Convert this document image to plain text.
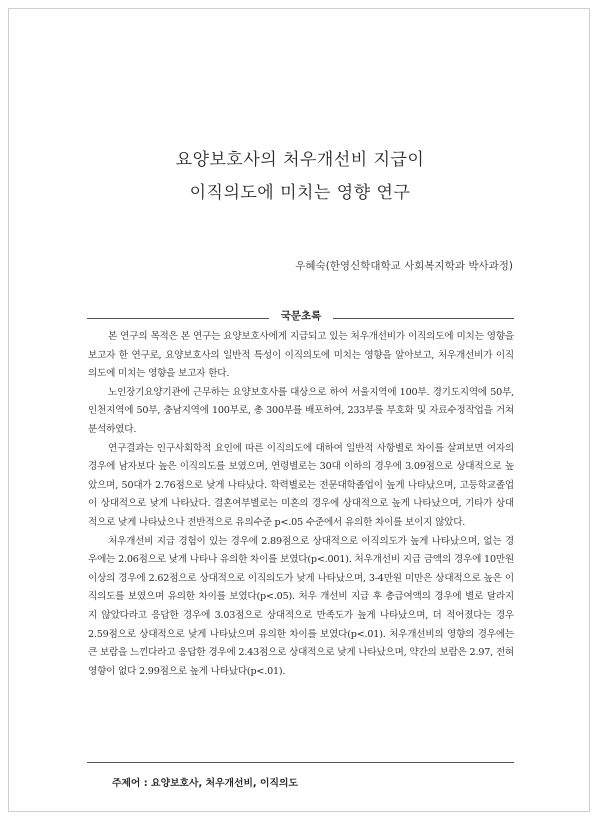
요양보호사의 처우개선비 지급이
이직의도에 미치는 영향 연구
우혜숙(한영신학대학교 사회복지학과 박사과정)
국문초록

본 연구의 목적은 본 연구는 요양보호사에게 지급되고 있는 처우개선비가 이직의도에 미치는 영향을 보고자 한 연구로, 요양보호사의 일반적 특성이 이직의도에 미치는 영향을 알아보고, 처우개선비가 이직의도에 미치는 영향을 보고자 한다.

노인장기요양기관에 근무하는 요양보호사를 대상으로 하여 서울지역에 100부. 경기도지역에 50부, 인천지역에 50부, 충남지역에 100부로, 총 300부를 배포하여, 233부를 부호화 및 자료수정작업을 거쳐 분석하였다.

연구결과는 인구사회학적 요인에 따른 이직의도에 대하여 일반적 사항별로 차이를 살펴보면 여자의 경우에 남자보다 높은 이직의도를 보였으며, 연령별로는 30대 이하의 경우에 3.09점으로 상대적으로 높았으며, 50대가 2.76점으로 낮게 나타났다. 학력별로는 전문대학졸업이 높게 나타났으며, 고등학교졸업이 상대적으로 낮게 나타났다. 결혼여부별로는 미혼의 경우에 상대적으로 높게 나타났으며, 기타가 상대적으로 낮게 나타났으나 전반적으로 유의수준 p<.05 수준에서 유의한 차이를 보이지 않았다.

처우개선비 지급 경험이 있는 경우에 2.89점으로 상대적으로 이직의도가 높게 나타났으며, 없는 경우에는 2.06점으로 낮게 나타나 유의한 차이를 보였다(p<.001). 처우개선비 지급 금액의 경우에 10만원 이상의 경우에 2.62점으로 상대적으로 이직의도가 낮게 나타났으며, 3-4만원 미만은 상대적으로 높은 이직의도를 보였으며 유의한 차이를 보였다(p<.05). 처우 개선비 지급 후 총급여액의 경우에 별로 달라지지 않았다라고 응답한 경우에 3.03점으로 상대적으로 만족도가 높게 나타났으며, 더 적어졌다는 경우 2.59점으로 상대적으로 낮게 나타났으며 유의한 차이를 보였다(p<.01). 처우개선비의 영향의 경우에는 큰 보람을 느낀다라고 응답한 경우에 2.43점으로 상대적으로 낮게 나타났으며, 약간의 보람은 2.97, 전혀 영향이 없다 2.99점으로 높게 나타났다(p<.01).

주제어 : 요양보호사, 처우개선비, 이직의도
